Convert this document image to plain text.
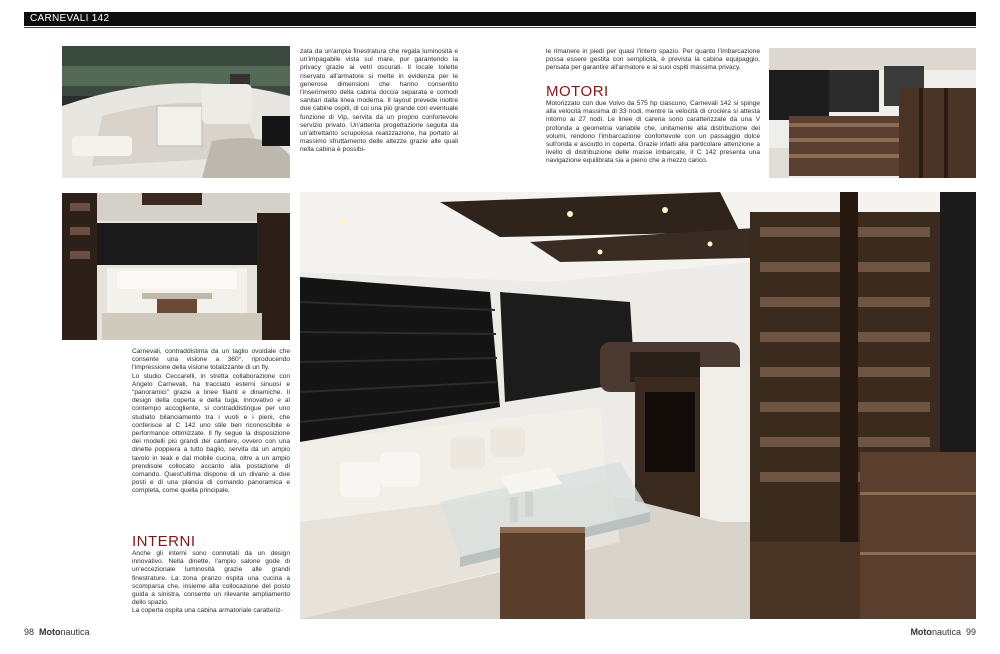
CARNEVALI 142

zata da un'ampia finestratura che regala luminosità e un'impagabile vista sul mare, pur garantendo la privacy grazie ai vetri oscurati. Il locale toilette riservato all'armatore si mette in evidenza per le generose dimensioni che hanno consentito l'inserimento della cabina doccia separata e comodi sanitari dalla linea moderna. Il layout prevede inoltre due cabine ospiti, di cui una più grande con eventuale funzione di Vip, servita da un proprio confortevole servizio privato. Un'attenta progettazione seguita da un'altrettanto scrupolosa realizzazione, ha portato al massimo sfruttamento delle altezze grazie alle quali nella cabina è possibi-

le rimanere in piedi per quasi l'intero spazio. Per quanto l'imbarcazione possa essere gestita con semplicità, è prevista la cabina equipaggio, pensata per garantire all'armatore e ai suoi ospiti massima privacy.

MOTORI

Motorizzato con due Volvo da 575 hp ciascuno, Carnevali 142 si spinge alla velocità massima di 33 nodi, mentre la velocità di crociera si attesta intorno ai 27 nodi. Le linee di carena sono caratterizzate da una V profonda a geometria variabile che, unitamente alla distribuzione dei volumi, rendono l'imbarcazione confortevole con un passaggio dolce sull'onda e asciutto in coperta. Grazie infatti alla particolare attenzione a livello di distribuzione delle masse imbarcate, il C 142 presenta una navigazione equilibrata sia a pieno che a mezzo carico.

Carnevali, contraddistinta da un taglio ovoidale che consente una visione a 360°, riproducendo l'impressione della visione totalizzante di un fly.

Lo studio Ceccarelli, in stretta collaborazione con Angelo Carnevali, ha tracciato esterni sinuosi e "panoramici" grazie a linee filanti e dinamiche. Il design della coperta e della tuga, innovativo e al contempo accogliente, si contraddistingue per uno studiato bilanciamento tra i vuoti e i pieni, che conferisce al C 142 uno stile ben riconoscibile e performance ottimizzate. Il fly segue la disposizione dei modelli più grandi del cantiere, ovvero con una dinette poppiera a tutto baglio, servita da un ampio tavolo in teak e dal mobile cucina, oltre a un ampio prendisole collocato accanto alla postazione di comando. Quest'ultima dispone di un divano a due posti e di una plancia di comando panoramica e completa, come quella principale.

INTERNI

Anche gli interni sono connotati da un design innovativo. Nella dinette, l'ampio salone gode di un'eccezionale luminosità grazie alle grandi finestrature. La zona pranzo ospita una cucina a scomparsa che, insieme alla collocazione del posto guida a sinistra, consente un rilevante ampliamento dello spazio.

La coperta ospita una cabina armatoriale caratteriz-

98 Motonautica	Motonautica 99
